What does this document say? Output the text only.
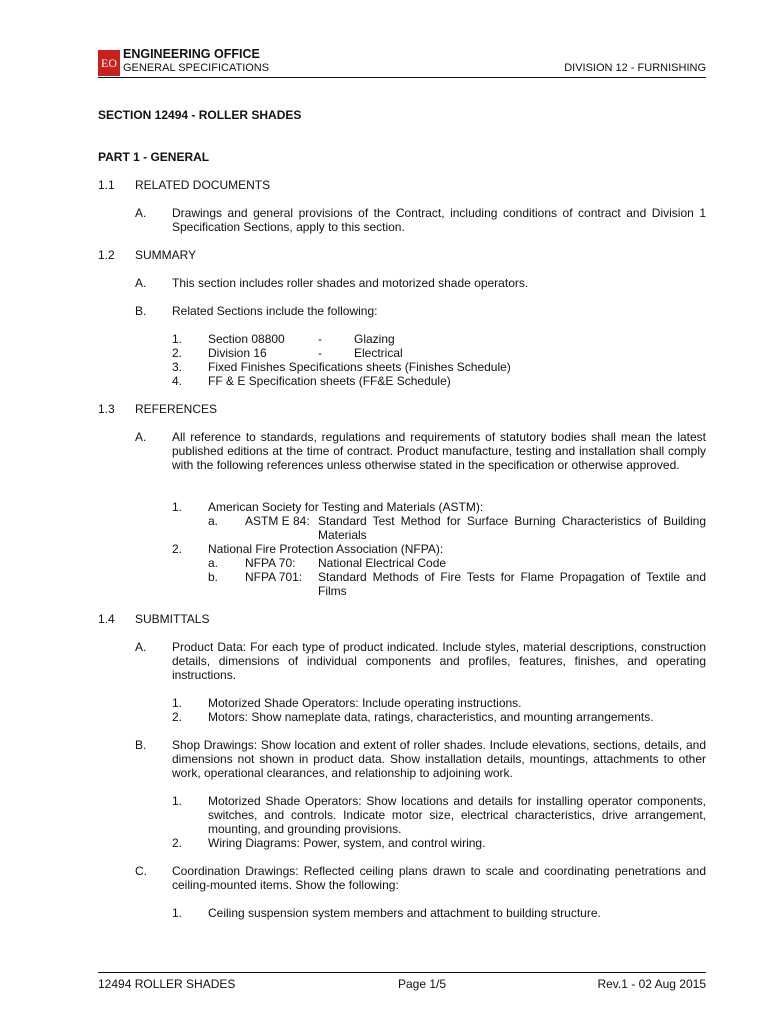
EO
ENGINEERING OFFICE
GENERAL SPECIFICATIONS	DIVISION 12 - FURNISHING
SECTION 12494 - ROLLER SHADES
PART 1 - GENERAL
1.1 RELATED DOCUMENTS
A. Drawings and general provisions of the Contract, including conditions of contract and Division 1 Specification Sections, apply to this section.
1.2 SUMMARY
A. This section includes roller shades and motorized shade operators.
B. Related Sections include the following:
1. Section 08800	-	Glazing
2. Division 16	-	Electrical
3. Fixed Finishes Specifications sheets (Finishes Schedule)
4. FF & E Specification sheets (FF&E Schedule)
1.3 REFERENCES
A. All reference to standards, regulations and requirements of statutory bodies shall mean the latest published editions at the time of contract. Product manufacture, testing and installation shall comply with the following references unless otherwise stated in the specification or otherwise approved.
1. American Society for Testing and Materials (ASTM):
a. ASTM E 84: Standard Test Method for Surface Burning Characteristics of Building Materials
2. National Fire Protection Association (NFPA):
a. NFPA 70: National Electrical Code
b. NFPA 701: Standard Methods of Fire Tests for Flame Propagation of Textile and Films
1.4 SUBMITTALS
A. Product Data: For each type of product indicated. Include styles, material descriptions, construction details, dimensions of individual components and profiles, features, finishes, and operating instructions.
1. Motorized Shade Operators: Include operating instructions.
2. Motors: Show nameplate data, ratings, characteristics, and mounting arrangements.
B. Shop Drawings: Show location and extent of roller shades. Include elevations, sections, details, and dimensions not shown in product data. Show installation details, mountings, attachments to other work, operational clearances, and relationship to adjoining work.
1. Motorized Shade Operators: Show locations and details for installing operator components, switches, and controls. Indicate motor size, electrical characteristics, drive arrangement, mounting, and grounding provisions.
2. Wiring Diagrams: Power, system, and control wiring.
C. Coordination Drawings: Reflected ceiling plans drawn to scale and coordinating penetrations and ceiling-mounted items. Show the following:
1. Ceiling suspension system members and attachment to building structure.
12494 ROLLER SHADES	Page 1/5	Rev.1 - 02 Aug 2015
